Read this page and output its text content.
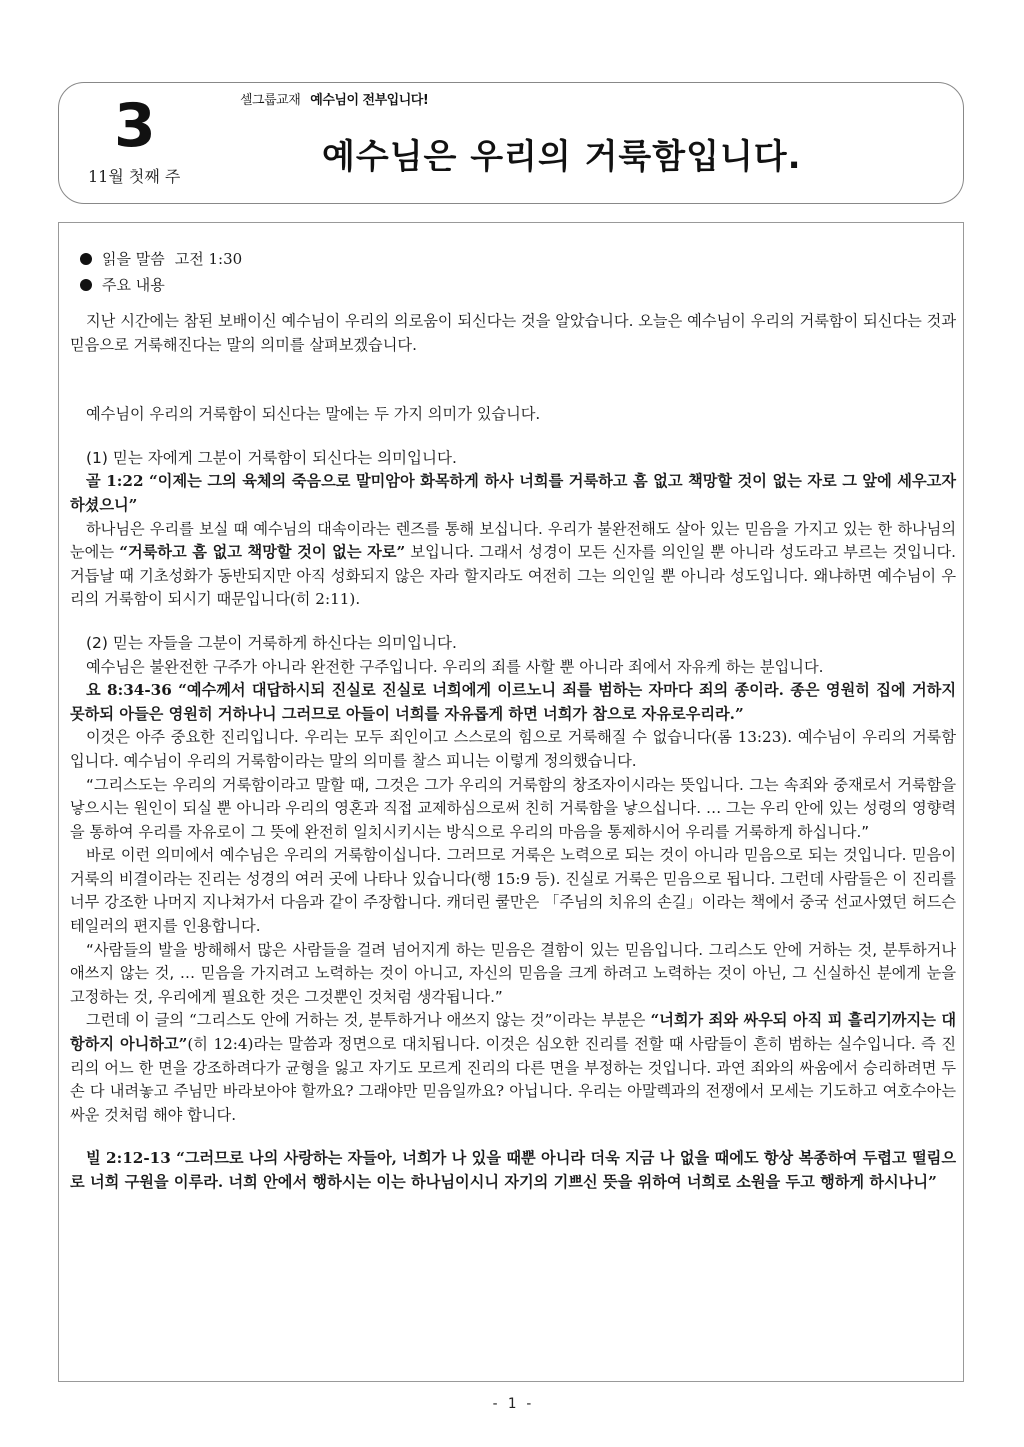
3
11월 첫째 주
셀그룹교재 예수님이 전부입니다!
예수님은 우리의 거룩함입니다.
읽을 말씀 고전 1:30
주요 내용

지난 시간에는 참된 보배이신 예수님이 우리의 의로움이 되신다는 것을 알았습니다. 오늘은 예수님이 우리의 거룩함이 되신다는 것과 믿음으로 거룩해진다는 말의 의미를 살펴보겠습니다.

예수님이 우리의 거룩함이 되신다는 말에는 두 가지 의미가 있습니다.

(1) 믿는 자에게 그분이 거룩함이 되신다는 의미입니다.

골 1:22 “이제는 그의 육체의 죽음으로 말미암아 화목하게 하사 너희를 거룩하고 흠 없고 책망할 것이 없는 자로 그 앞에 세우고자 하셨으니”

하나님은 우리를 보실 때 예수님의 대속이라는 렌즈를 통해 보십니다. 우리가 불완전해도 살아 있는 믿음을 가지고 있는 한 하나님의 눈에는 “거룩하고 흠 없고 책망할 것이 없는 자로” 보입니다. 그래서 성경이 모든 신자를 의인일 뿐 아니라 성도라고 부르는 것입니다. 거듭날 때 기초성화가 동반되지만 아직 성화되지 않은 자라 할지라도 여전히 그는 의인일 뿐 아니라 성도입니다. 왜냐하면 예수님이 우리의 거룩함이 되시기 때문입니다(히 2:11).

(2) 믿는 자들을 그분이 거룩하게 하신다는 의미입니다.

예수님은 불완전한 구주가 아니라 완전한 구주입니다. 우리의 죄를 사할 뿐 아니라 죄에서 자유케 하는 분입니다.

요 8:34-36 “예수께서 대답하시되 진실로 진실로 너희에게 이르노니 죄를 범하는 자마다 죄의 종이라. 종은 영원히 집에 거하지 못하되 아들은 영원히 거하나니 그러므로 아들이 너희를 자유롭게 하면 너희가 참으로 자유로우리라.”

이것은 아주 중요한 진리입니다. 우리는 모두 죄인이고 스스로의 힘으로 거룩해질 수 없습니다(롬 13:23). 예수님이 우리의 거룩함입니다. 예수님이 우리의 거룩함이라는 말의 의미를 찰스 피니는 이렇게 정의했습니다.

“그리스도는 우리의 거룩함이라고 말할 때, 그것은 그가 우리의 거룩함의 창조자이시라는 뜻입니다. 그는 속죄와 중재로서 거룩함을 낳으시는 원인이 되실 뿐 아니라 우리의 영혼과 직접 교제하심으로써 친히 거룩함을 낳으십니다. … 그는 우리 안에 있는 성령의 영향력을 통하여 우리를 자유로이 그 뜻에 완전히 일치시키시는 방식으로 우리의 마음을 통제하시어 우리를 거룩하게 하십니다.”

바로 이런 의미에서 예수님은 우리의 거룩함이십니다. 그러므로 거룩은 노력으로 되는 것이 아니라 믿음으로 되는 것입니다. 믿음이 거룩의 비결이라는 진리는 성경의 여러 곳에 나타나 있습니다(행 15:9 등). 진실로 거룩은 믿음으로 됩니다. 그런데 사람들은 이 진리를 너무 강조한 나머지 지나쳐가서 다음과 같이 주장합니다. 캐더린 쿨만은 「주님의 치유의 손길」이라는 책에서 중국 선교사였던 허드슨 테일러의 편지를 인용합니다.

“사람들의 발을 방해해서 많은 사람들을 걸려 넘어지게 하는 믿음은 결함이 있는 믿음입니다. 그리스도 안에 거하는 것, 분투하거나 애쓰지 않는 것, … 믿음을 가지려고 노력하는 것이 아니고, 자신의 믿음을 크게 하려고 노력하는 것이 아닌, 그 신실하신 분에게 눈을 고정하는 것, 우리에게 필요한 것은 그것뿐인 것처럼 생각됩니다.”

그런데 이 글의 “그리스도 안에 거하는 것, 분투하거나 애쓰지 않는 것”이라는 부분은 “너희가 죄와 싸우되 아직 피 흘리기까지는 대항하지 아니하고”(히 12:4)라는 말씀과 정면으로 대치됩니다. 이것은 심오한 진리를 전할 때 사람들이 흔히 범하는 실수입니다. 즉 진리의 어느 한 면을 강조하려다가 균형을 잃고 자기도 모르게 진리의 다른 면을 부정하는 것입니다. 과연 죄와의 싸움에서 승리하려면 두 손 다 내려놓고 주님만 바라보아야 할까요? 그래야만 믿음일까요? 아닙니다. 우리는 아말렉과의 전쟁에서 모세는 기도하고 여호수아는 싸운 것처럼 해야 합니다.

빌 2:12-13 “그러므로 나의 사랑하는 자들아, 너희가 나 있을 때뿐 아니라 더욱 지금 나 없을 때에도 항상 복종하여 두렵고 떨림으로 너희 구원을 이루라. 너희 안에서 행하시는 이는 하나님이시니 자기의 기쁘신 뜻을 위하여 너희로 소원을 두고 행하게 하시나니”

- 1 -
